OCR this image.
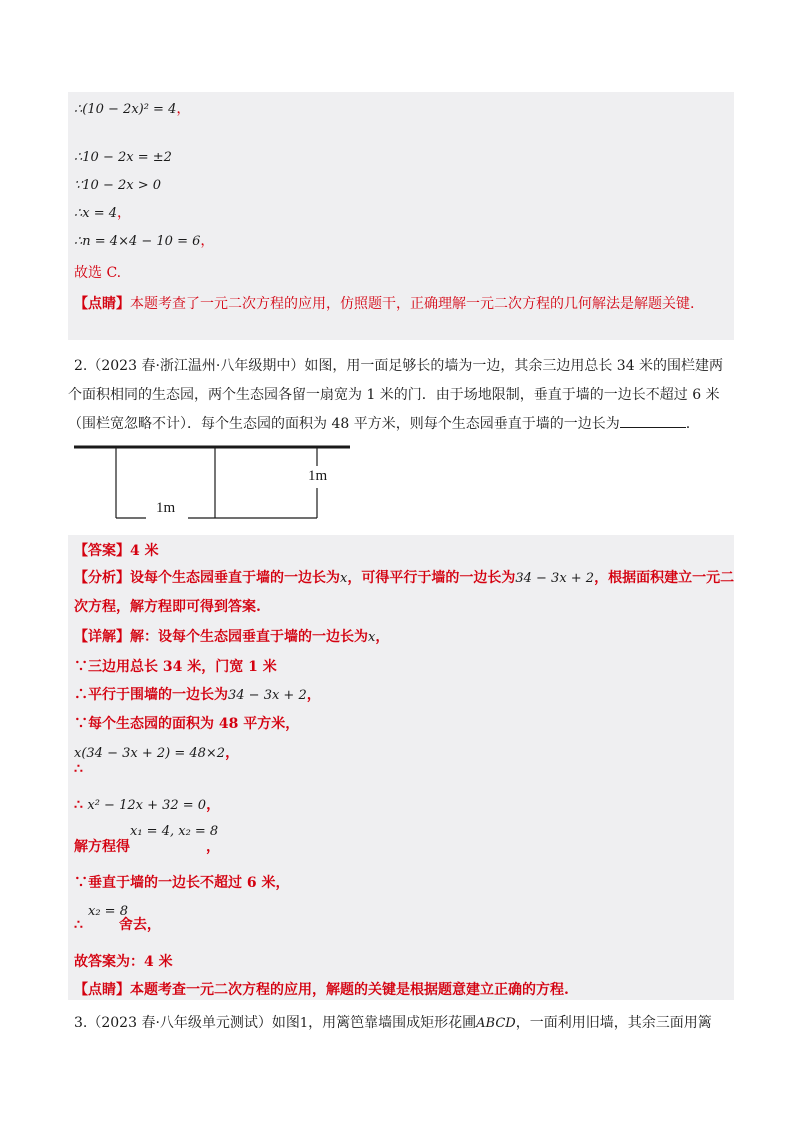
∴(10 − 2x)² = 4，
∴10 − 2x = ±2
∵10 − 2x > 0
∴x = 4，
∴n = 4×4 − 10 = 6，
故选 C.
【点睛】本题考查了一元二次方程的应用，仿照题干，正确理解一元二次方程的几何解法是解题关键.
2.（2023 春·浙江温州·八年级期中）如图，用一面足够长的墙为一边，其余三边用总长 34 米的围栏建两
个面积相同的生态园，两个生态园各留一扇宽为 1 米的门．由于场地限制，垂直于墙的一边长不超过 6 米
（围栏宽忽略不计）．每个生态园的面积为 48 平方米，则每个生态园垂直于墙的一边长为	.
1m
1m
【答案】4 米
【分析】设每个生态园垂直于墙的一边长为x，可得平行于墙的一边长为34 − 3x + 2，根据面积建立一元二
次方程，解方程即可得到答案.
【详解】解：设每个生态园垂直于墙的一边长为x，
∵三边用总长 34 米，门宽 1 米
∴平行于围墙的一边长为34 − 3x + 2，
∵每个生态园的面积为 48 平方米，
x(34 − 3x + 2) = 48×2，
∴
∴ x² − 12x + 32 = 0，
x₁ = 4, x₂ = 8
解方程得	，
∵垂直于墙的一边长不超过 6 米，
x₂ = 8
∴	舍去，
故答案为：4 米
【点睛】本题考查一元二次方程的应用，解题的关键是根据题意建立正确的方程.
3.（2023 春·八年级单元测试）如图1，用篱笆靠墙围成矩形花圃ABCD，一面利用旧墙，其余三面用篱
